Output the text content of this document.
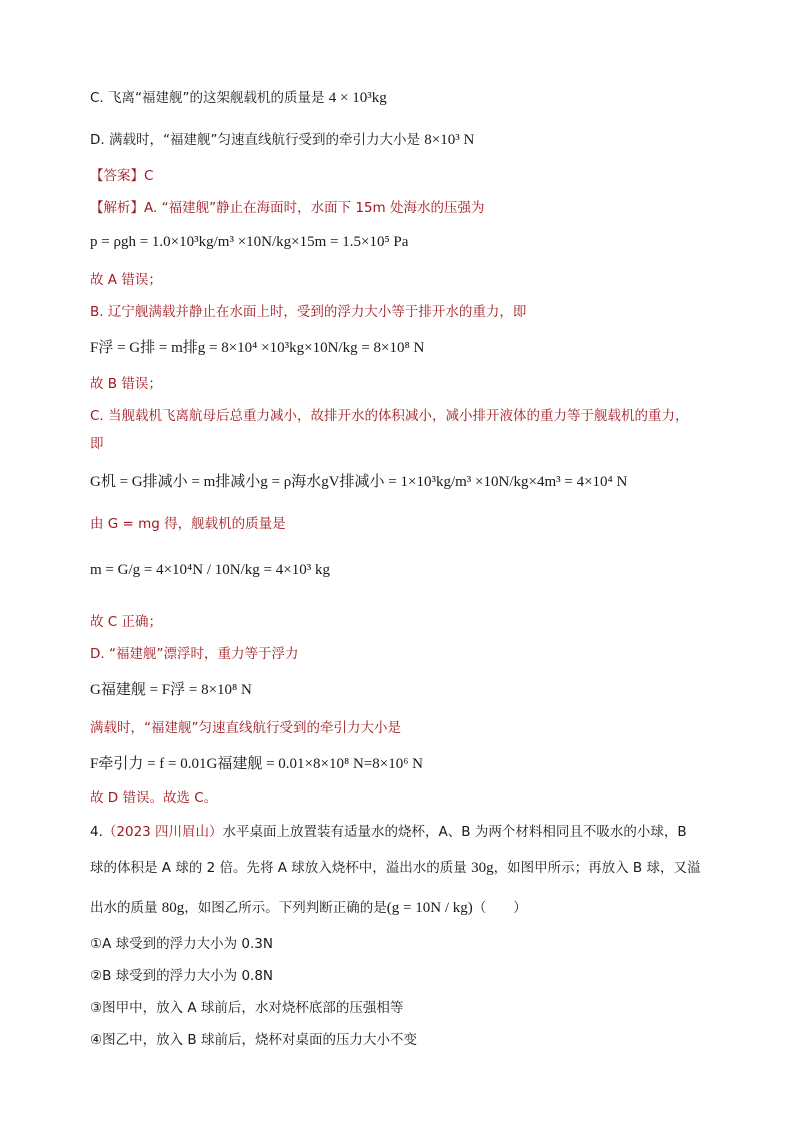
C. 飞离“福建舰”的这架舰载机的质量是 4 × 10³kg
D. 满载时，“福建舰”匀速直线航行受到的牵引力大小是 8×10³ N
【答案】C
【解析】A. “福建舰”静止在海面时，水面下 15m 处海水的压强为
p = ρgh = 1.0×10³kg/m³ ×10N/kg×15m = 1.5×10⁵ Pa
故 A 错误；
B. 辽宁舰满载并静止在水面上时，受到的浮力大小等于排开水的重力，即
F浮 = G排 = m排g = 8×10⁴ ×10³kg×10N/kg = 8×10⁸ N
故 B 错误；
C. 当舰载机飞离航母后总重力减小，故排开水的体积减小，减小排开液体的重力等于舰载机的重力，
即
G机 = G排减小 = m排减小g = ρ海水gV排减小 = 1×10³kg/m³ ×10N/kg×4m³ = 4×10⁴ N
由 G = mg 得，舰载机的质量是
m = G/g = 4×10⁴N / 10N/kg = 4×10³ kg
故 C 正确；
D. “福建舰”漂浮时，重力等于浮力
G福建舰 = F浮 = 8×10⁸ N
满载时，“福建舰”匀速直线航行受到的牵引力大小是
F牵引力 = f = 0.01G福建舰 = 0.01×8×10⁸ N=8×10⁶ N
故 D 错误。故选 C。
4.（2023 四川眉山）水平桌面上放置装有适量水的烧杯，A、B 为两个材料相同且不吸水的小球，B
球的体积是 A 球的 2 倍。先将 A 球放入烧杯中，溢出水的质量 30g，如图甲所示；再放入 B 球，又溢
出水的质量 80g，如图乙所示。下列判断正确的是(g = 10N / kg)（　　）
①A 球受到的浮力大小为 0.3N
②B 球受到的浮力大小为 0.8N
③图甲中，放入 A 球前后，水对烧杯底部的压强相等
④图乙中，放入 B 球前后，烧杯对桌面的压力大小不变
